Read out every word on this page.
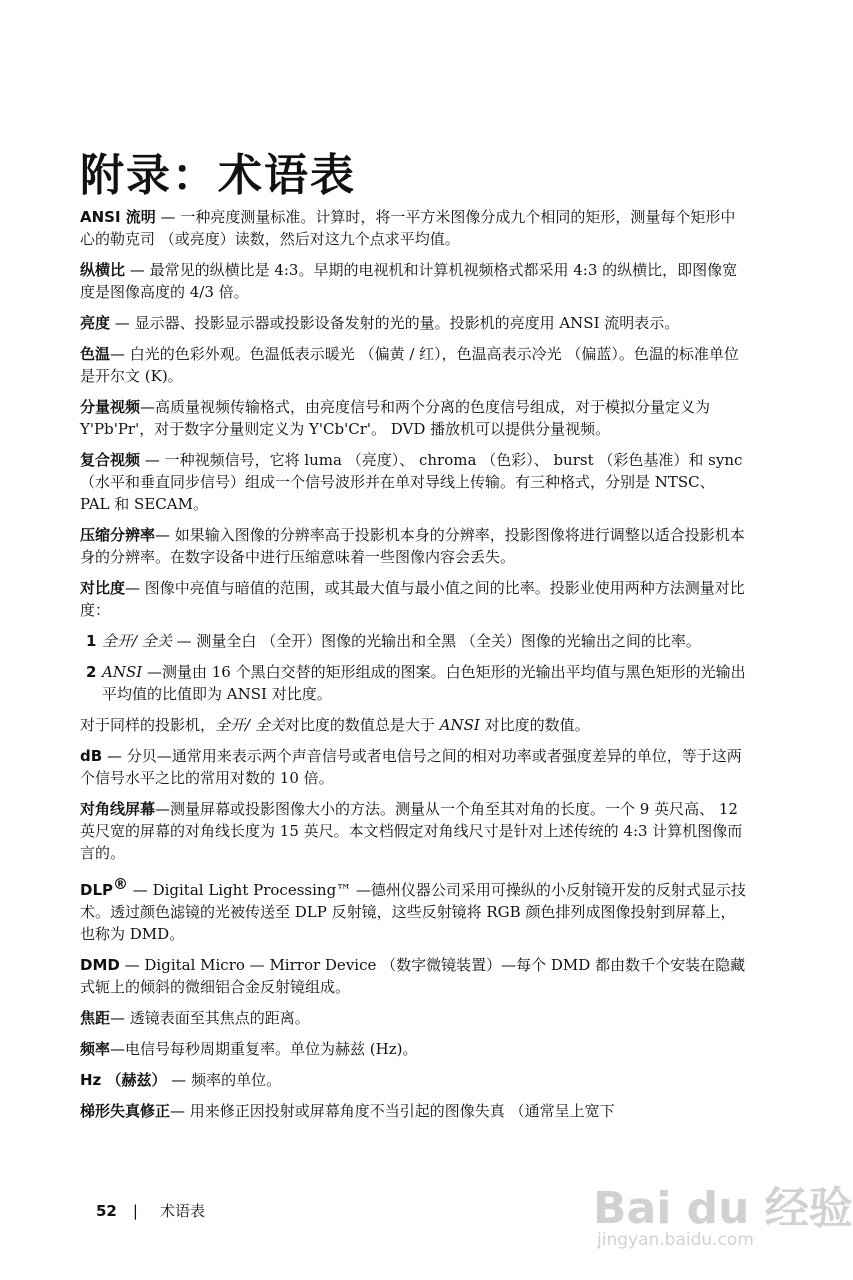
附录：术语表

ANSI 流明 — 一种亮度测量标准。计算时，将一平方米图像分成九个相同的矩形，测量每个矩形中心的勒克司 （或亮度）读数，然后对这九个点求平均值。

纵横比 — 最常见的纵横比是 4:3。早期的电视机和计算机视频格式都采用 4:3 的纵横比，即图像宽度是图像高度的 4/3 倍。

亮度 — 显示器、投影显示器或投影设备发射的光的量。投影机的亮度用 ANSI 流明表示。

色温— 白光的色彩外观。色温低表示暖光 （偏黄 / 红），色温高表示冷光 （偏蓝）。色温的标准单位是开尔文 (K)。

分量视频—高质量视频传输格式，由亮度信号和两个分离的色度信号组成，对于模拟分量定义为 Y'Pb'Pr'，对于数字分量则定义为 Y'Cb'Cr'。 DVD 播放机可以提供分量视频。

复合视频 — 一种视频信号，它将 luma （亮度）、 chroma （色彩）、 burst （彩色基准）和 sync （水平和垂直同步信号）组成一个信号波形并在单对导线上传输。有三种格式，分别是 NTSC、 PAL 和 SECAM。

压缩分辨率— 如果输入图像的分辨率高于投影机本身的分辨率，投影图像将进行调整以适合投影机本身的分辨率。在数字设备中进行压缩意味着一些图像内容会丢失。

对比度— 图像中亮值与暗值的范围，或其最大值与最小值之间的比率。投影业使用两种方法测量对比度：

1 全开/ 全关 — 测量全白 （全开）图像的光输出和全黑 （全关）图像的光输出之间的比率。

2 ANSI —测量由 16 个黑白交替的矩形组成的图案。白色矩形的光输出平均值与黑色矩形的光输出平均值的比值即为 ANSI 对比度。

对于同样的投影机，全开/ 全关对比度的数值总是大于 ANSI 对比度的数值。

dB — 分贝—通常用来表示两个声音信号或者电信号之间的相对功率或者强度差异的单位，等于这两个信号水平之比的常用对数的 10 倍。

对角线屏幕—测量屏幕或投影图像大小的方法。测量从一个角至其对角的长度。一个 9 英尺高、 12 英尺宽的屏幕的对角线长度为 15 英尺。本文档假定对角线尺寸是针对上述传统的 4:3 计算机图像而言的。

DLP® — Digital Light Processing™ —德州仪器公司采用可操纵的小反射镜开发的反射式显示技术。透过颜色滤镜的光被传送至 DLP 反射镜，这些反射镜将 RGB 颜色排列成图像投射到屏幕上，也称为 DMD。

DMD — Digital Micro — Mirror Device （数字微镜装置）—每个 DMD 都由数千个安装在隐藏式轭上的倾斜的微细铝合金反射镜组成。

焦距— 透镜表面至其焦点的距离。

频率—电信号每秒周期重复率。单位为赫兹 (Hz)。

Hz （赫兹） — 频率的单位。

梯形失真修正— 用来修正因投射或屏幕角度不当引起的图像失真 （通常呈上宽下

52 | 术语表	Bai du 经验
jingyan.baidu.com
